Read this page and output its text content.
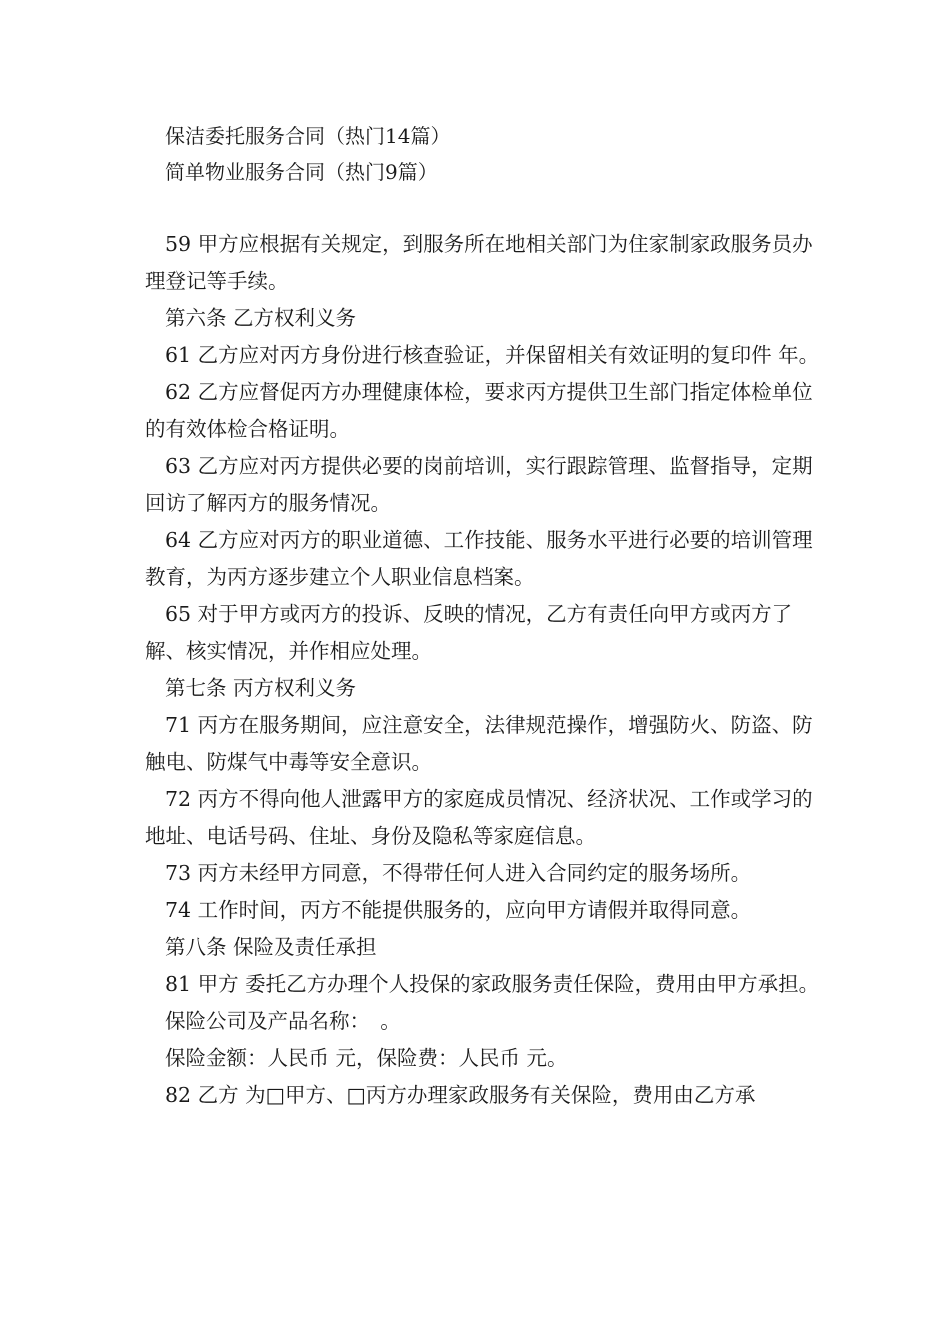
保洁委托服务合同（热门14篇）

简单物业服务合同（热门9篇）

59 甲方应根据有关规定，到服务所在地相关部门为住家制家政服务员办理登记等手续。

第六条 乙方权利义务

61 乙方应对丙方身份进行核查验证，并保留相关有效证明的复印件 年。

62 乙方应督促丙方办理健康体检，要求丙方提供卫生部门指定体检单位的有效体检合格证明。

63 乙方应对丙方提供必要的岗前培训，实行跟踪管理、监督指导，定期回访了解丙方的服务情况。

64 乙方应对丙方的职业道德、工作技能、服务水平进行必要的培训管理教育，为丙方逐步建立个人职业信息档案。

65 对于甲方或丙方的投诉、反映的情况，乙方有责任向甲方或丙方了解、核实情况，并作相应处理。

第七条 丙方权利义务

71 丙方在服务期间，应注意安全，法律规范操作，增强防火、防盗、防触电、防煤气中毒等安全意识。

72 丙方不得向他人泄露甲方的家庭成员情况、经济状况、工作或学习的地址、电话号码、住址、身份及隐私等家庭信息。

73 丙方未经甲方同意，不得带任何人进入合同约定的服务场所。

74 工作时间，丙方不能提供服务的，应向甲方请假并取得同意。

第八条 保险及责任承担

81 甲方 委托乙方办理个人投保的家政服务责任保险，费用由甲方承担。

保险公司及产品名称：　。

保险金额：人民币 元，保险费：人民币 元。

82 乙方 为□甲方、□丙方办理家政服务有关保险，费用由乙方承
